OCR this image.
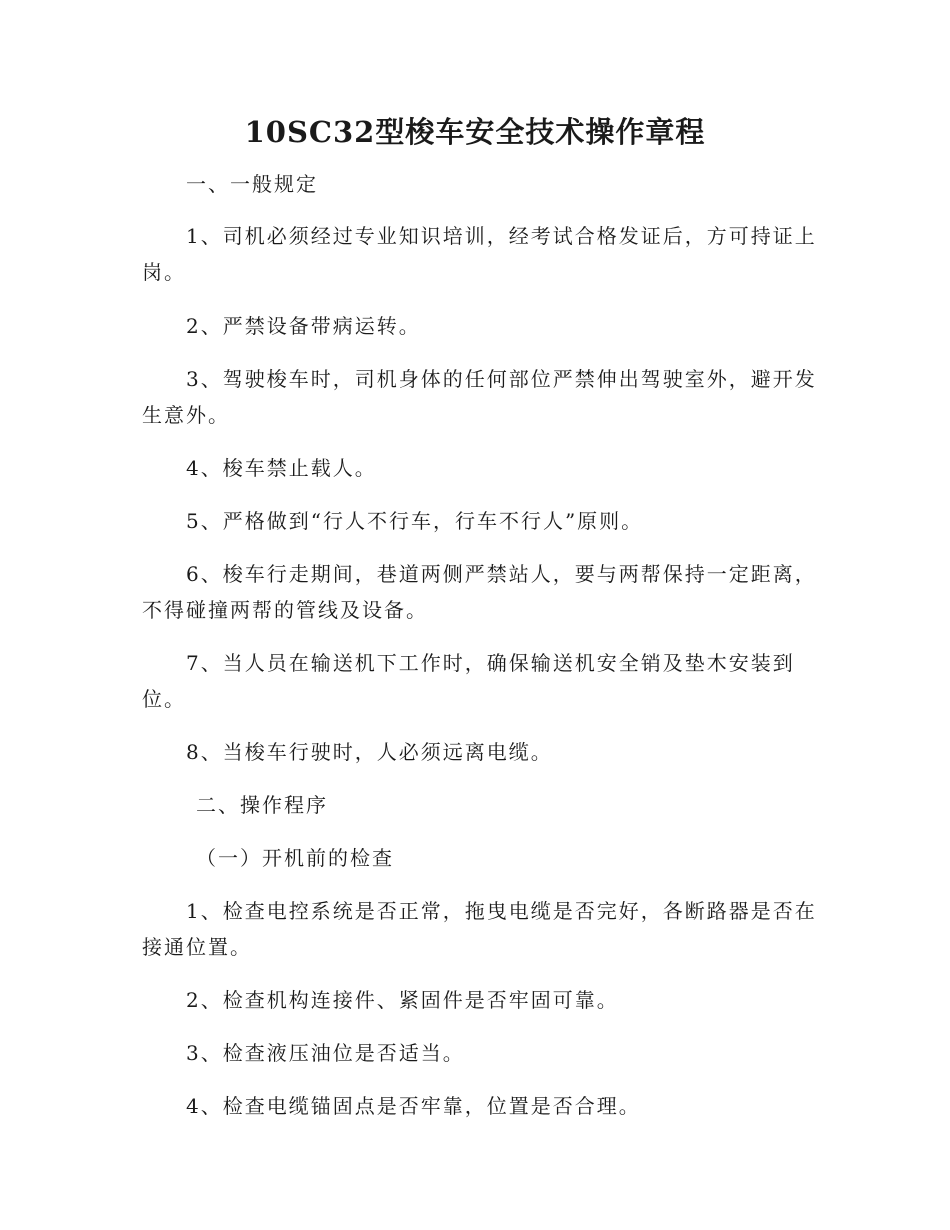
10SC32型梭车安全技术操作章程
一、一般规定
1、司机必须经过专业知识培训，经考试合格发证后，方可持证上
岗。
2、严禁设备带病运转。
3、驾驶梭车时，司机身体的任何部位严禁伸出驾驶室外，避开发
生意外。
4、梭车禁止载人。
5、严格做到“行人不行车，行车不行人”原则。
6、梭车行走期间，巷道两侧严禁站人，要与两帮保持一定距离，
不得碰撞两帮的管线及设备。
7、当人员在输送机下工作时，确保输送机安全销及垫木安装到
位。
8、当梭车行驶时，人必须远离电缆。
二、操作程序
（一）开机前的检查
1、检查电控系统是否正常，拖曳电缆是否完好，各断路器是否在
接通位置。
2、检查机构连接件、紧固件是否牢固可靠。
3、检查液压油位是否适当。
4、检查电缆锚固点是否牢靠，位置是否合理。
